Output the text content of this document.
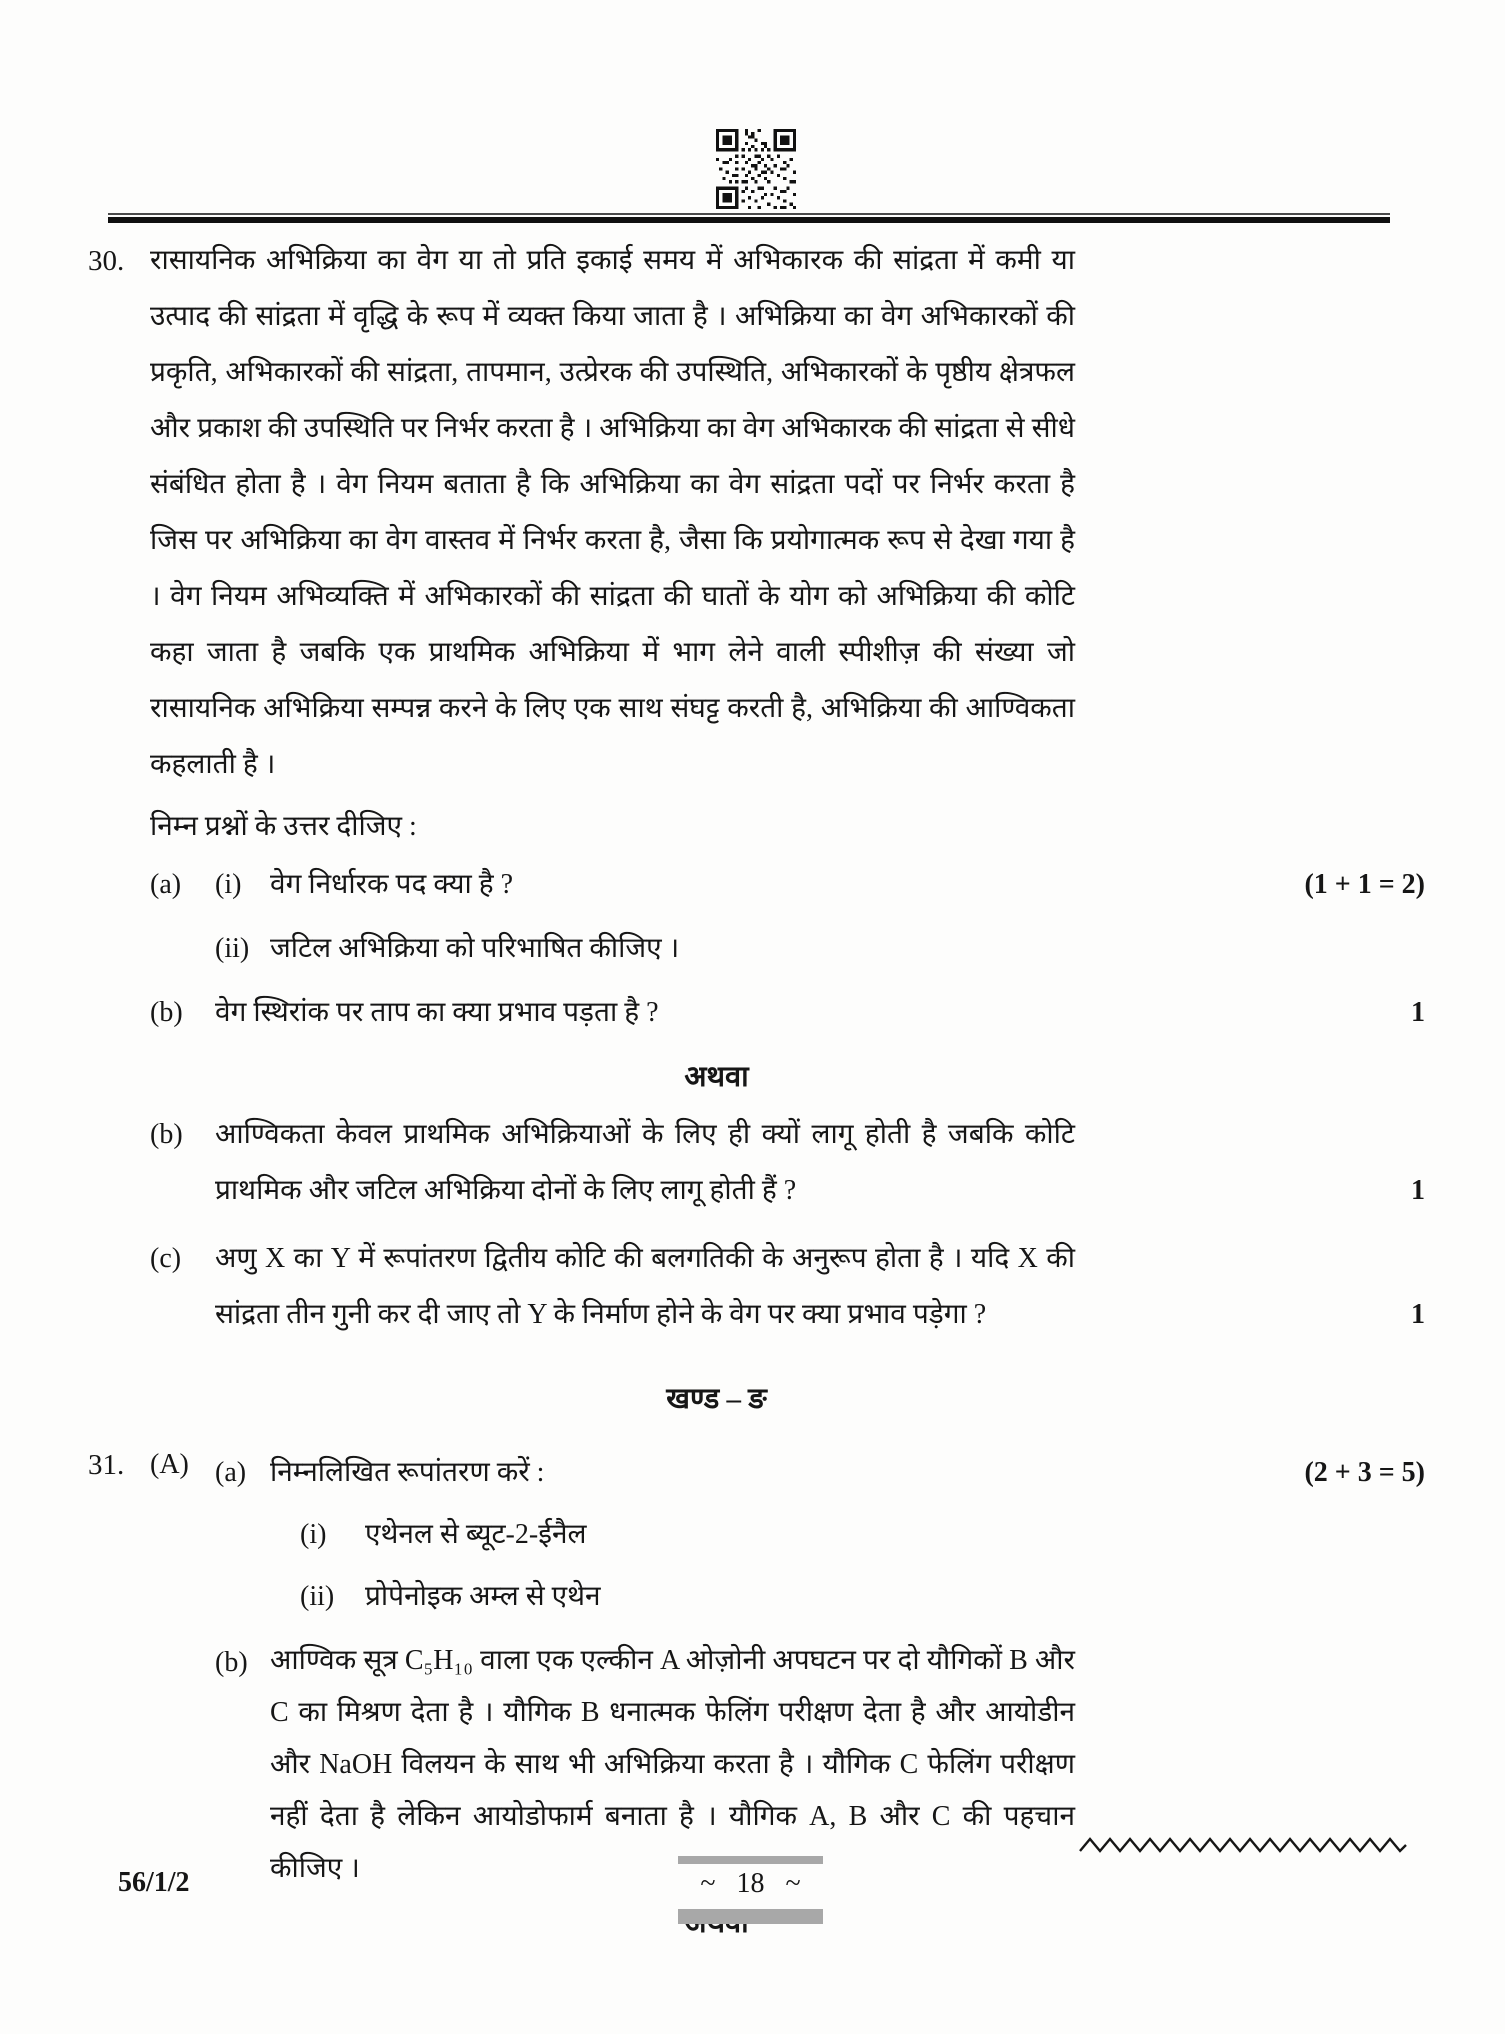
30. रासायनिक अभिक्रिया का वेग या तो प्रति इकाई समय में अभिकारक की सांद्रता में कमी या उत्पाद की सांद्रता में वृद्धि के रूप में व्यक्त किया जाता है । अभिक्रिया का वेग अभिकारकों की प्रकृति, अभिकारकों की सांद्रता, तापमान, उत्प्रेरक की उपस्थिति, अभिकारकों के पृष्ठीय क्षेत्रफल और प्रकाश की उपस्थिति पर निर्भर करता है । अभिक्रिया का वेग अभिकारक की सांद्रता से सीधे संबंधित होता है । वेग नियम बताता है कि अभिक्रिया का वेग सांद्रता पदों पर निर्भर करता है जिस पर अभिक्रिया का वेग वास्तव में निर्भर करता है, जैसा कि प्रयोगात्मक रूप से देखा गया है । वेग नियम अभिव्यक्ति में अभिकारकों की सांद्रता की घातों के योग को अभिक्रिया की कोटि कहा जाता है जबकि एक प्राथमिक अभिक्रिया में भाग लेने वाली स्पीशीज़ की संख्या जो रासायनिक अभिक्रिया सम्पन्न करने के लिए एक साथ संघट्ट करती है, अभिक्रिया की आण्विकता कहलाती है ।

निम्न प्रश्नों के उत्तर दीजिए :

(a)	(i)	वेग निर्धारक पद क्या है ?	(1 + 1 = 2)
(ii) जटिल अभिक्रिया को परिभाषित कीजिए ।
(b)	वेग स्थिरांक पर ताप का क्या प्रभाव पड़ता है ?	1
अथवा
(b)	आण्विकता केवल प्राथमिक अभिक्रियाओं के लिए ही क्यों लागू होती है जबकि कोटि प्राथमिक और जटिल अभिक्रिया दोनों के लिए लागू होती हैं ?	1
(c)	अणु X का Y में रूपांतरण द्वितीय कोटि की बलगतिकी के अनुरूप होता है । यदि X की सांद्रता तीन गुनी कर दी जाए तो Y के निर्माण होने के वेग पर क्या प्रभाव पड़ेगा ?	1
खण्ड – ङ
31. (A) (a) निम्नलिखित रूपांतरण करें :	(2 + 3 = 5)
(i)	एथेनल से ब्यूट-2-ईनैल
(ii)	प्रोपेनोइक अम्ल से एथेन
(b) आण्विक सूत्र C₅H₁₀ वाला एक एल्कीन A ओज़ोनी अपघटन पर दो यौगिकों B और C का मिश्रण देता है । यौगिक B धनात्मक फेलिंग परीक्षण देता है और आयोडीन और NaOH विलयन के साथ भी अभिक्रिया करता है । यौगिक C फेलिंग परीक्षण नहीं देता है लेकिन आयोडोफार्म बनाता है । यौगिक A, B और C की पहचान कीजिए ।
56/1/2	~ 18 ~
